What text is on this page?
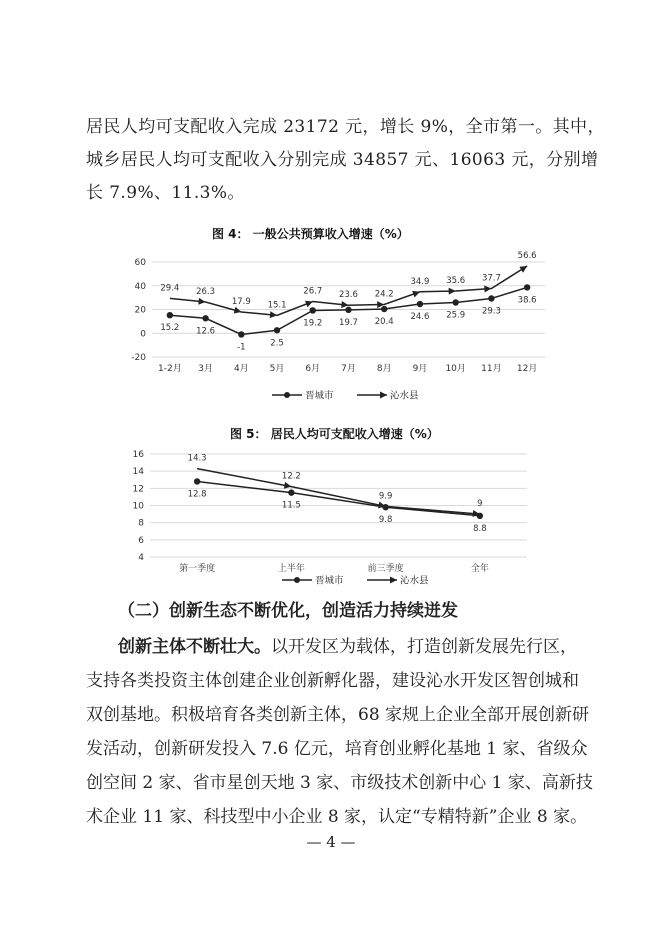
居民人均可支配收入完成 23172 元，增长 9%，全市第一。其中，

城乡居民人均可支配收入分别完成 34857 元、16063 元，分别增

长 7.9%、11.3%。

图 4： 一般公共预算收入增速（%）
60
40
20
0
-20
1-2月 3月 4月 5月 6月 7月 8月 9月 10月 11月 12月
15.2 12.6
-1	2.5
19.2 19.7 20.4 24.6 25.9 29.3
38.6
29.4 26.3
17.9 15.1
26.7 23.6 24.2
34.9 35.6 37.7
56.6
晋城市	沁水县
图 5： 居民人均可支配收入增速（%）
16
14
12
10
8
6
4
第一季度	上半年	前三季度	全年
12.8
11.5
9.8
8.8
14.3
12.2
9.9
9
晋城市	沁水县

（二）创新生态不断优化，创造活力持续迸发

创新主体不断壮大。以开发区为载体，打造创新发展先行区，

支持各类投资主体创建企业创新孵化器，建设沁水开发区智创城和

双创基地。积极培育各类创新主体，68 家规上企业全部开展创新研

发活动，创新研发投入 7.6 亿元，培育创业孵化基地 1 家、省级众

创空间 2 家、省市星创天地 3 家、市级技术创新中心 1 家、高新技

术企业 11 家、科技型中小企业 8 家，认定“专精特新”企业 8 家。

— 4 —
